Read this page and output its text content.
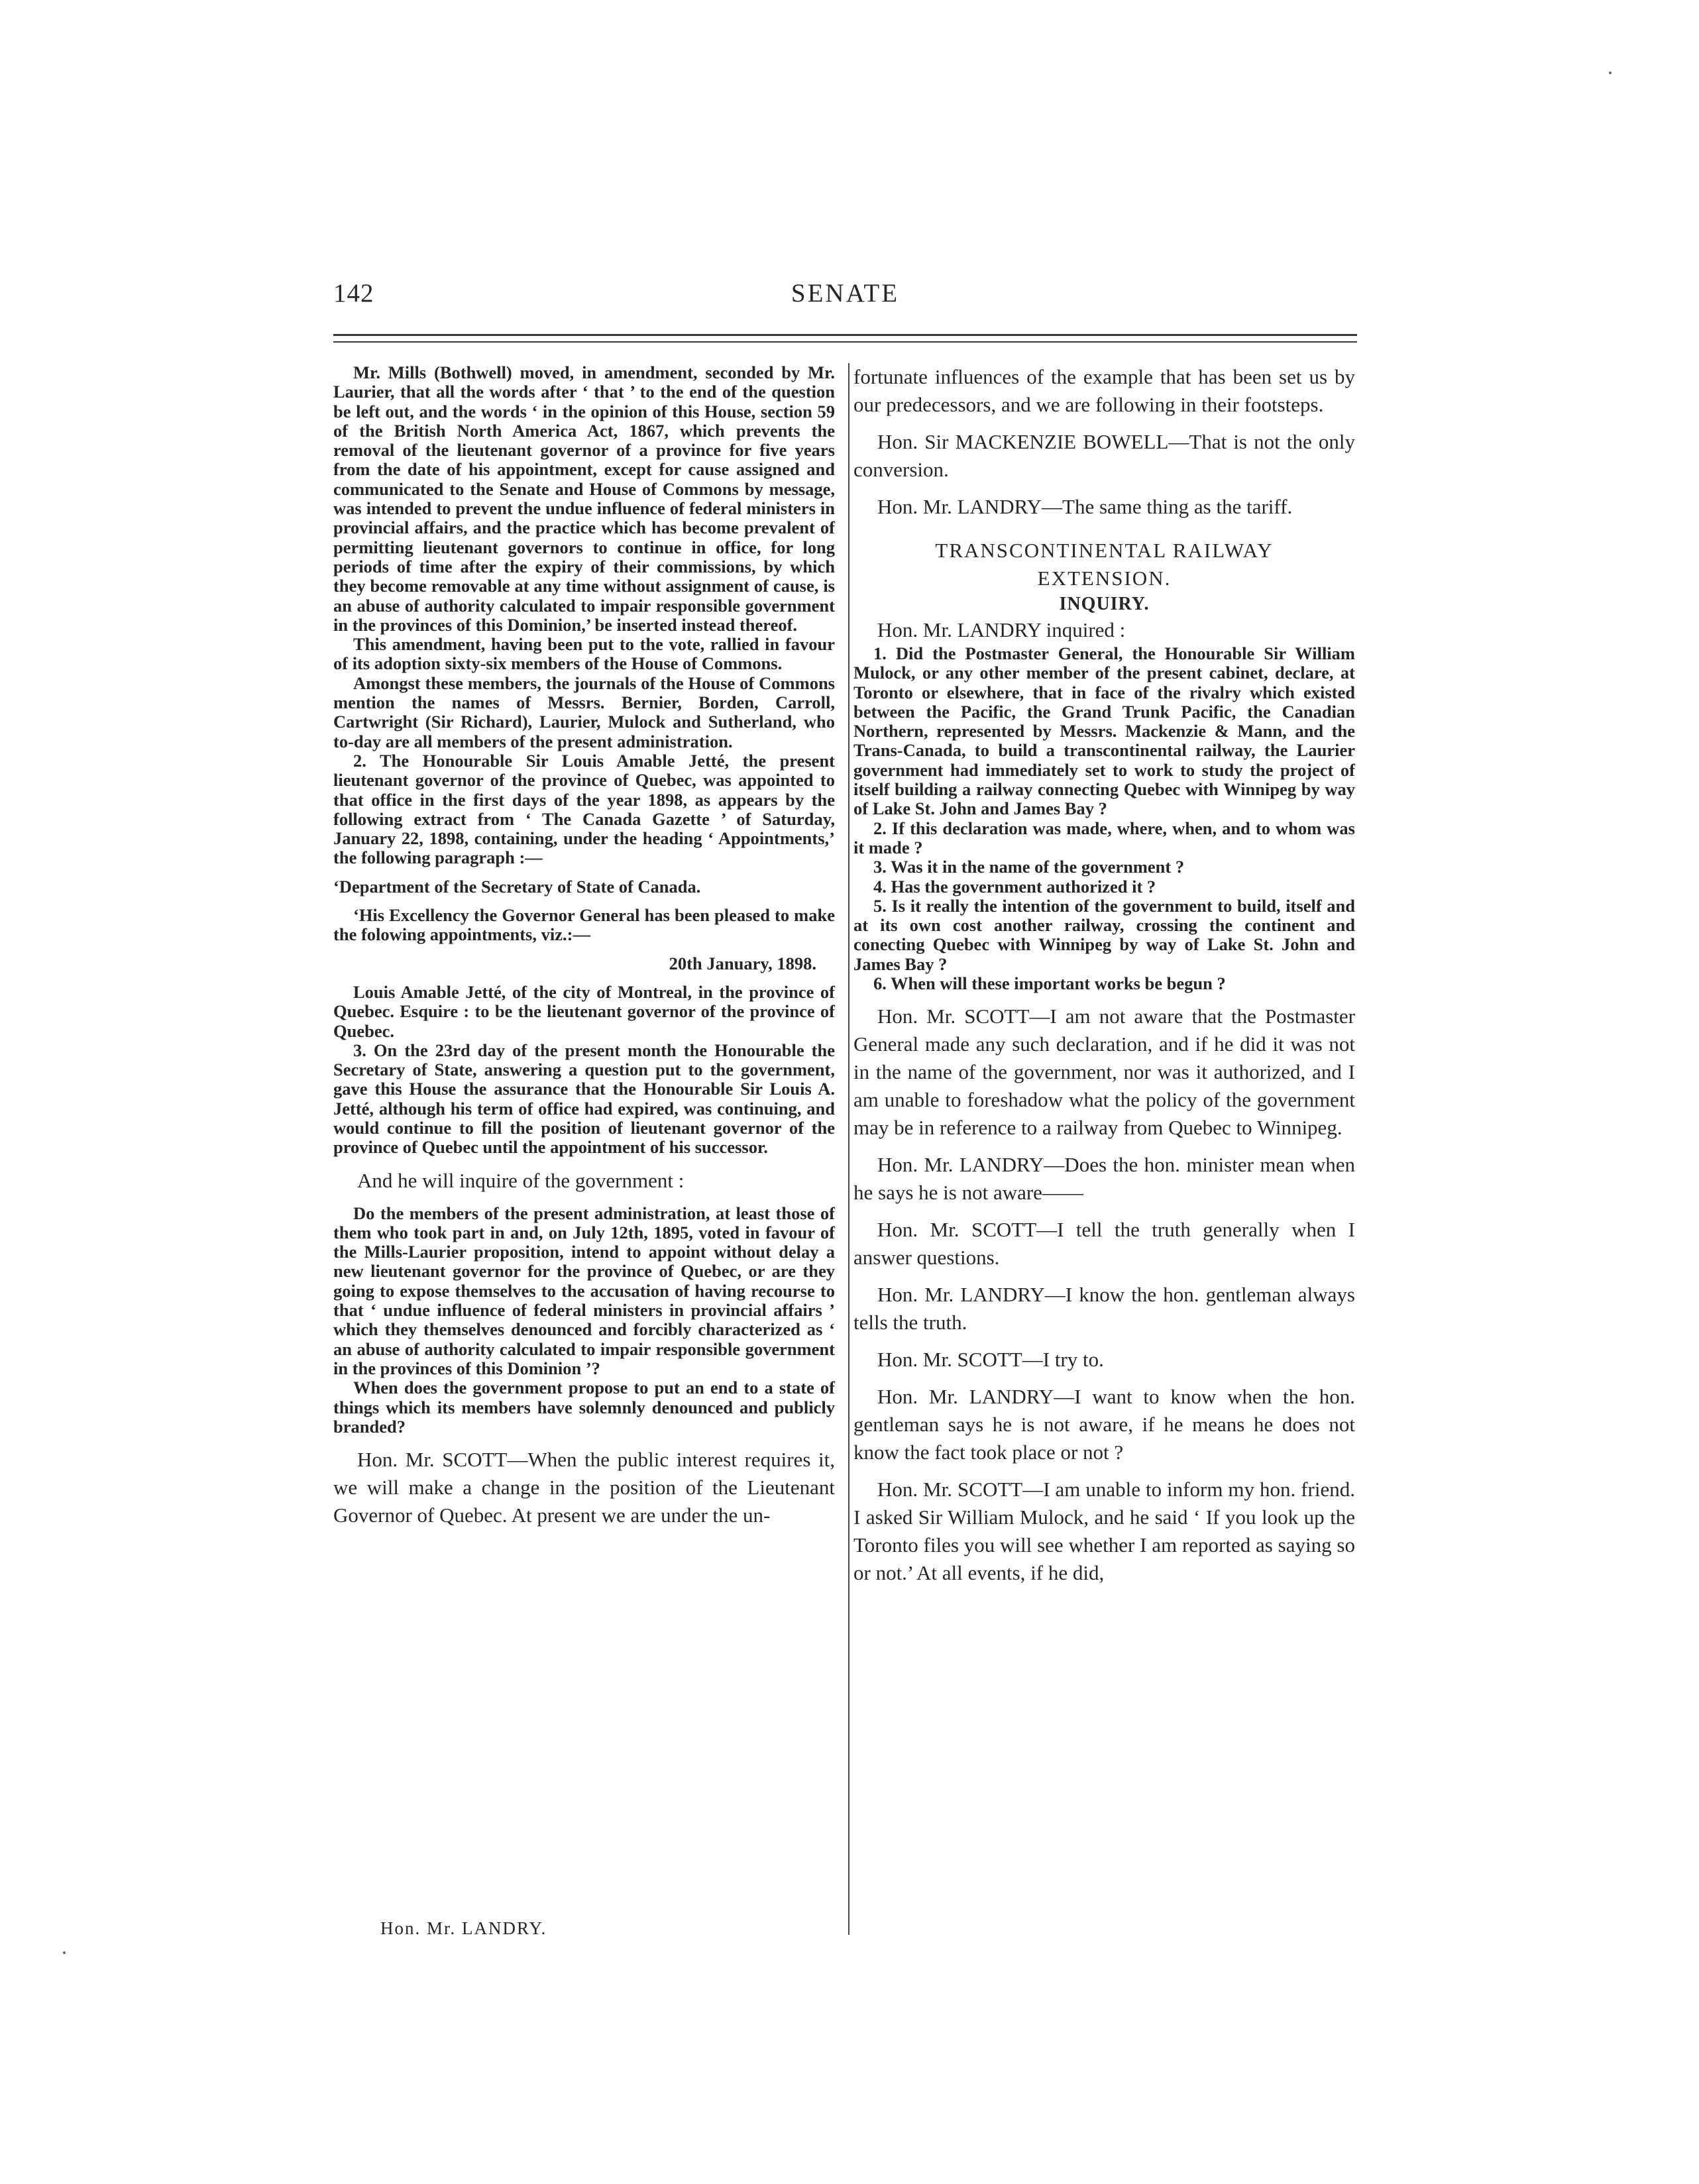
142	SENATE

Mr. Mills (Bothwell) moved, in amendment, seconded by Mr. Laurier, that all the words after ‘ that ’ to the end of the question be left out, and the words ‘ in the opinion of this House, section 59 of the British North America Act, 1867, which prevents the removal of the lieutenant governor of a province for five years from the date of his appointment, except for cause assigned and communicated to the Senate and House of Commons by message, was intended to prevent the undue influence of federal ministers in provincial affairs, and the practice which has become prevalent of permitting lieutenant governors to continue in office, for long periods of time after the expiry of their commissions, by which they become removable at any time without assignment of cause, is an abuse of authority calculated to impair responsible government in the provinces of this Dominion,’ be inserted instead thereof.

This amendment, having been put to the vote, rallied in favour of its adoption sixty-six members of the House of Commons.

Amongst these members, the journals of the House of Commons mention the names of Messrs. Bernier, Borden, Carroll, Cartwright (Sir Richard), Laurier, Mulock and Sutherland, who to-day are all members of the present administration.

2. The Honourable Sir Louis Amable Jetté, the present lieutenant governor of the province of Quebec, was appointed to that office in the first days of the year 1898, as appears by the following extract from ‘ The Canada Gazette ’ of Saturday, January 22, 1898, containing, under the heading ‘ Appointments,’ the following paragraph :—

‘Department of the Secretary of State of Canada.

‘His Excellency the Governor General has been pleased to make the folowing appointments, viz.:—

20th January, 1898.

Louis Amable Jetté, of the city of Montreal, in the province of Quebec. Esquire : to be the lieutenant governor of the province of Quebec.

3. On the 23rd day of the present month the Honourable the Secretary of State, answering a question put to the government, gave this House the assurance that the Honourable Sir Louis A. Jetté, although his term of office had expired, was continuing, and would continue to fill the position of lieutenant governor of the province of Quebec until the appointment of his successor.

And he will inquire of the government :

Do the members of the present administration, at least those of them who took part in and, on July 12th, 1895, voted in favour of the Mills-Laurier proposition, intend to appoint without delay a new lieutenant governor for the province of Quebec, or are they going to expose themselves to the accusation of having recourse to that ‘ undue influence of federal ministers in provincial affairs ’ which they themselves denounced and forcibly characterized as ‘ an abuse of authority calculated to impair responsible government in the provinces of this Dominion ’?

When does the government propose to put an end to a state of things which its members have solemnly denounced and publicly branded?

Hon. Mr. SCOTT—When the public interest requires it, we will make a change in the position of the Lieutenant Governor of Quebec. At present we are under the un-

fortunate influences of the example that has been set us by our predecessors, and we are following in their footsteps.

Hon. Sir MACKENZIE BOWELL—That is not the only conversion.

Hon. Mr. LANDRY—The same thing as the tariff.

TRANSCONTINENTAL RAILWAY
EXTENSION.
INQUIRY.

Hon. Mr. LANDRY inquired :

1. Did the Postmaster General, the Honourable Sir William Mulock, or any other member of the present cabinet, declare, at Toronto or elsewhere, that in face of the rivalry which existed between the Pacific, the Grand Trunk Pacific, the Canadian Northern, represented by Messrs. Mackenzie & Mann, and the Trans-Canada, to build a transcontinental railway, the Laurier government had immediately set to work to study the project of itself building a railway connecting Quebec with Winnipeg by way of Lake St. John and James Bay ?

2. If this declaration was made, where, when, and to whom was it made ?

3. Was it in the name of the government ?

4. Has the government authorized it ?

5. Is it really the intention of the government to build, itself and at its own cost another railway, crossing the continent and conecting Quebec with Winnipeg by way of Lake St. John and James Bay ?

6. When will these important works be begun ?

Hon. Mr. SCOTT—I am not aware that the Postmaster General made any such declaration, and if he did it was not in the name of the government, nor was it authorized, and I am unable to foreshadow what the policy of the government may be in reference to a railway from Quebec to Winnipeg.

Hon. Mr. LANDRY—Does the hon. minister mean when he says he is not aware——

Hon. Mr. SCOTT—I tell the truth generally when I answer questions.

Hon. Mr. LANDRY—I know the hon. gentleman always tells the truth.

Hon. Mr. SCOTT—I try to.

Hon. Mr. LANDRY—I want to know when the hon. gentleman says he is not aware, if he means he does not know the fact took place or not ?

Hon. Mr. SCOTT—I am unable to inform my hon. friend. I asked Sir William Mulock, and he said ‘ If you look up the Toronto files you will see whether I am reported as saying so or not.’ At all events, if he did,

Hon. Mr. LANDRY.
